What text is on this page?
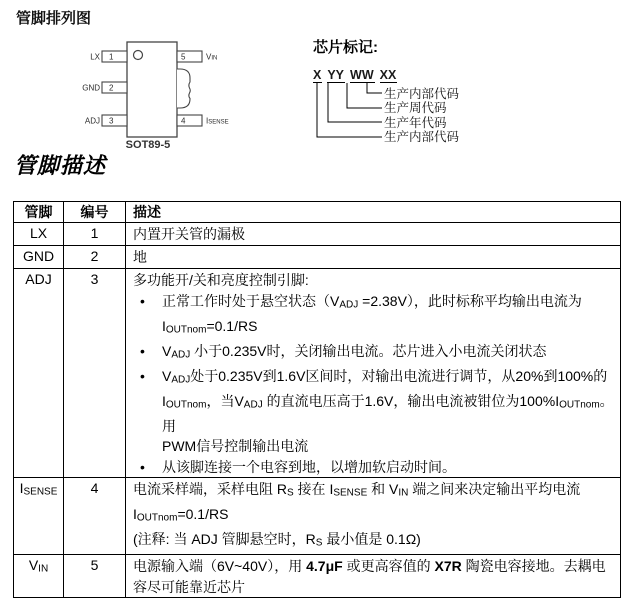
管脚排列图
1
2
3
5
4
LX
GND
ADJ
VIN
ISENSE
SOT89-5
芯片标记:
X YY WW XX
生产内部代码
生产周代码
生产年代码
生产内部代码
管脚描述
管脚	编号	描述
LX	1	内置开关管的漏极

GND	2	地

ADJ	3	多功能开/关和亮度控制引脚:
• 正常工作时处于悬空状态（VADJ =2.38V），此时标称平均输出电流为
IOUTnom=0.1/RS
• VADJ 小于0.235V时，关闭输出电流。芯片进入小电流关闭状态
• VADJ处于0.235V到1.6V区间时，对输出电流进行调节，从20%到100%的
IOUTnom，当VADJ 的直流电压高于1.6V，输出电流被钳位为100%IOUTnom。用
PWM信号控制输出电流
• 从该脚连接一个电容到地，以增加软启动时间。

ISENSE	4	电流采样端，采样电阻 RS 接在 ISENSE 和 VIN 端之间来决定输出平均电流
IOUTnom=0.1/RS
(注释: 当 ADJ 管脚悬空时，RS 最小值是 0.1Ω)

VIN	5	电源输入端（6V~40V），用 4.7μF 或更高容值的 X7R 陶瓷电容接地。去耦电
容尽可能靠近芯片
